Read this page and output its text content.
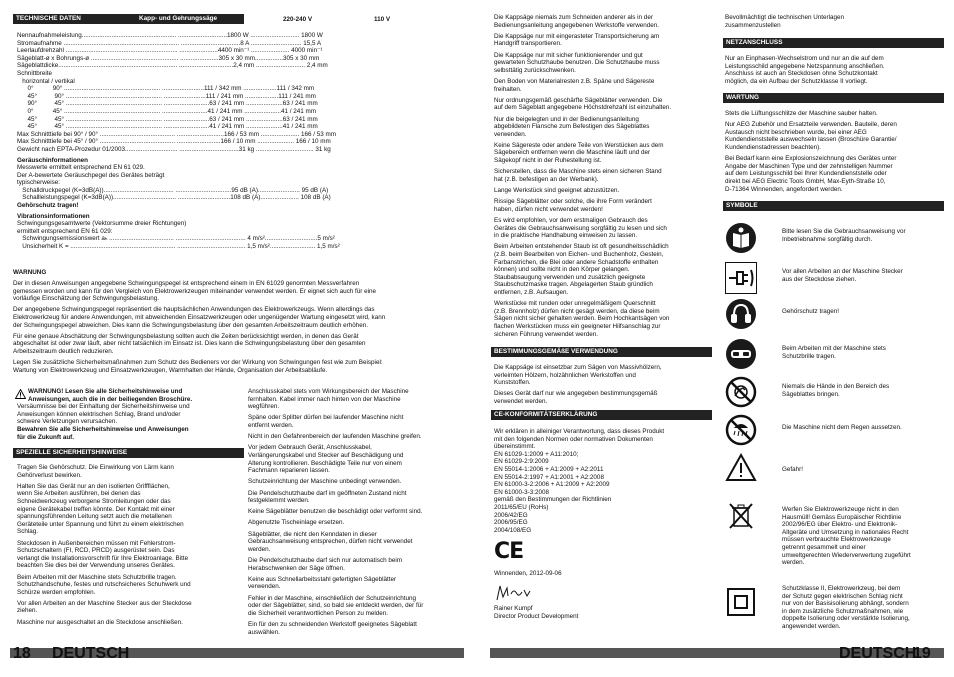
TECHNISCHE DATEN	Kapp- und Gehrungssäge	220-240 V	110 V
Nennaufnahmeleistung...................................................... ............................1800 W ............................ 1800 W
Stromaufnahme .................................................................. ..................................8 A ............................. 15,5 A
Leerlaufdrehzahl ................................................................ ......................4400 min⁻¹ ...................... 4000 min⁻¹
Sägeblatt-ø x Bohrungs-ø .................................................. ......................305 x 30 mm................305 x 30 mm
Sägeblattdicke.................................................................... ...............................2,4 mm ............................ 2,4 mm
Schnittbreite
horizontal / vertikal
0°           90° ....................................................... ........................111 / 342 mm ...................111 / 342 mm
45°          90° ....................................................... ........................111 / 241 mm ...................111 / 241 mm
90°          45° ....................................................... ..........................63 / 241 mm .....................63 / 241 mm
0°           45° ....................................................... ..........................41 / 241 mm .....................41 / 241 mm
45°          45° ....................................................... ..........................63 / 241 mm .....................63 / 241 mm
45°          45° ....................................................... ..........................41 / 241 mm .....................41 / 241 mm
Max Schnitttiefe bei 90° / 90° ........................................... ...........................166 / 53 mm ...................... 166 / 53 mm
Max Schnitttiefe bei 45° / 90° ........................................... .........................166 / 10 mm ..................... 166 / 10 mm
Gewicht nach EPTA-Prozedur 01/2003.............................. ..................................31 kg ................................. 31 kg
Geräuschinformationen
Messwerte ermittelt entsprechend EN 61 029.
Der A-bewertete Geräuschpegel des Gerätes beträgt
typischerweise:
Schalldruckpegel (K=3dB(A))........................................ ................................95 dB (A)........................ 95 dB (A)
Schallleistungspegel (K=3dB(A)).................................... ..............................108 dB (A)...................... 108 dB (A)
Gehörschutz tragen!
Vibrationsinformationen
Schwingungsgesamtwerte (Vektorsumme dreier Richtungen)
ermittelt entsprechend EN 61 029:
Schwingungsemissionswert aₕ ..................................... ........................................ 4 m/s²..............................5 m/s²
Unsicherheit K = ............................................................ ....................................... 1,5 m/s².......................... 1,5 m/s²
WARNUNG
Der in diesen Anweisungen angegebene Schwingungspegel ist entsprechend einem in EN 61029 genormten Messverfahren
gemessen worden und kann für den Vergleich von Elektrowerkzeugen miteinander verwendet werden. Er eignet sich auch für eine
vorläufige Einschätzung der Schwingungsbelastung.
Der angegebene Schwingungspegel repräsentiert die hauptsächlichen Anwendungen des Elektrowerkzeugs. Wenn allerdings das
Elektrowerkzeug für andere Anwendungen, mit abweichenden Einsatzwerkzeugen oder ungenügender Wartung eingesetzt wird, kann
der Schwingungspegel abweichen. Dies kann die Schwingungsbelastung über den gesamten Arbeitszeitraum deutlich erhöhen.
Für eine genaue Abschätzung der Schwingungsbelastung sollten auch die Zeiten berücksichtigt werden, in denen das Gerät
abgeschaltet ist oder zwar läuft, aber nicht tatsächlich im Einsatz ist. Dies kann die Schwingungsbelastung über den gesamten
Arbeitszeitraum deutlich reduzieren.
Legen Sie zusätzliche Sicherheitsmaßnahmen zum Schutz des Bedieners vor der Wirkung von Schwingungen fest wie zum Beispiel:
Wartung von Elektrowerkzeug und Einsatzwerkzeugen, Warmhalten der Hände, Organisation der Arbeitsabläufe.
WARNUNG! Lesen Sie alle Sicherheitshinweise und
Anweisungen, auch die in der beiliegenden Broschüre.
Versäumnisse bei der Einhaltung der Sicherheitshinweise und
Anweisungen können elektrischen Schlag, Brand und/oder
schwere Verletzungen verursachen.
Bewahren Sie alle Sicherheitshinweise und Anweisungen
für die Zukunft auf.
SPEZIELLE SICHERHEITSHINWEISE
Tragen Sie Gehörschutz. Die Einwirkung von Lärm kann
Gehörverlust bewirken.
Halten Sie das Gerät nur an den isolierten Griffflächen,
wenn Sie Arbeiten ausführen, bei denen das
Schneidwerkzeug verborgene Stromleitungen oder das
eigene Gerätekabel treffen könnte. Der Kontakt mit einer
spannungsführenden Leitung setzt auch die metallenen
Geräteteile unter Spannung und führt zu einem elektrischen
Schlag.
Steckdosen in Außenbereichen müssen mit Fehlerstrom-
Schutzschaltern (FI, RCD, PRCD) ausgerüstet sein. Das
verlangt die Installationsvorschrift für Ihre Elektroanlage. Bitte
beachten Sie dies bei der Verwendung unseres Gerätes.
Beim Arbeiten mit der Maschine stets Schutzbrille tragen.
Schutzhandschuhe, festes und rutschsicheres Schuhwerk und
Schürze werden empfohlen.
Vor allen Arbeiten an der Maschine Stecker aus der Steckdose
ziehen.
Maschine nur ausgeschaltet an die Steckdose anschließen.
Anschlusskabel stets vom Wirkungsbereich der Maschine
fernhalten. Kabel immer nach hinten von der Maschine
wegführen.
Späne oder Splitter dürfen bei laufender Maschine nicht
entfernt werden.
Nicht in den Gefahrenbereich der laufenden Maschine greifen.
Vor jedem Gebrauch Gerät, Anschlusskabel,
Verlängerungskabel und Stecker auf Beschädigung und
Alterung kontrollieren. Beschädigte Teile nur von einem
Fachmann reparieren lassen.
Schutzeinrichtung der Maschine unbedingt verwenden.
Die Pendelschutzhaube darf im geöffneten Zustand nicht
festgeklemmt werden.
Keine Sägeblätter benutzen die beschädigt oder verformt sind.
Abgenutzte Tischeinlage ersetzen.
Sägeblätter, die nicht den Kenndaten in dieser
Gebrauchsanweisung entsprechen, dürfen nicht verwendet
werden.
Die Pendelschutzhaube darf sich nur automatisch beim
Herabschwenken der Säge öffnen.
Keine aus Schnellarbeitsstahl gefertigten Sägeblätter
verwenden.
Fehler in der Maschine, einschließlich der Schutzeinrichtung
oder der Sägeblätter, sind, so bald sie entdeckt werden, der für
die Sicherheit verantwortlichen Person zu melden.
Ein für den zu schneidenden Werkstoff geeignetes Sägeblatt
auswählen.
18 DEUTSCH
Die Kappsäge niemals zum Schneiden anderer als in der
Bedienungsanleitung angegebenen Werkstoffe verwenden.
Die Kappsäge nur mit eingerasteter Transportsicherung am
Handgriff transportieren.
Die Kappsäge nur mit sicher funktionierender und gut
gewarteten Schutzhaube benutzen. Die Schutzhaube muss
selbsttätig zurückschwenken.
Den Boden von Materialresten z.B. Späne und Sägereste
freihalten.
Nur ordnungsgemäß geschärfte Sägeblätter verwenden. Die
auf dem Sägeblatt angegebene Höchstdrehzahl ist einzuhalten.
Nur die beigelegten und in der Bedienungsanleitung
abgebildeten Flansche zum Befestigen des Sägeblattes
verwenden.
Keine Sägereste oder andere Teile von Werstücken aus dem
Sägebereich entfernen wenn die Maschine läuft und der
Sägekopf nicht in der Ruhestellung ist.
Sicherstellen, dass die Maschine stets einen sicheren Stand
hat (z.B. befestigen an der Werbank).
Lange Werkstück sind geeignet abzustützen.
Rissige Sägeblätter oder solche, die ihre Form verändert
haben, dürfen nicht verwendet werden!
Es wird empfohlen, vor dem erstmaligen Gebrauch des
Gerätes die Gebrauchsanweisung sorgfältig zu lesen und sich
in die praktische Handhabung einweisen zu lassen.
Beim Arbeiten entstehender Staub ist oft gesundheitsschädlich
(z.B. beim Bearbeiten von Eichen- und Buchenholz, Gestein,
Farbanstrichen, die Blei oder andere Schadstoffe enthalten
können) und sollte nicht in den Körper gelangen.
Staubabsaugung verwenden und zusätzlich geeignete
Staubschutzmaske tragen. Abgelagerten Staub gründlich
entfernen, z.B. Aufsaugen.
Werkstücke mit runden oder unregelmäßigem Querschnitt
(z.B. Brennholz) dürfen nicht gesägt werden, da diese beim
Sägen nicht sicher gehalten werden. Beim Hochkantsägen von
flachen Werkstücken muss ein geeigneter Hilfsanschlag zur
sicheren Führung verwendet werden.
BESTIMMUNGSGEMÄßE VERWENDUNG
Die Kappsäge ist einsetzbar zum Sägen von Massivhölzern,
verleimten Hölzern, holzähnlichen Werkstoffen und
Kunststoffen.
Dieses Gerät darf nur wie angegeben bestimmungsgemäß
verwendet werden.
CE-KONFORMITÄTSERKLÄRUNG
Wir erklären in alleiniger Verantwortung, dass dieses Produkt
mit den folgenden Normen oder normativen Dokumenten
übereinstimmt.
EN 61029-1:2009 + A11:2010;
EN 61029-2:9:2009
EN 55014-1:2006 + A1:2009 + A2:2011
EN 55014-2:1997 + A1:2001 + A2:2008
EN 61000-3-2:2006 + A1:2009 + A2:2009
EN 61000-3-3:2008
gemäß den Bestimmungen der Richtlinien
2011/65/EU (RoHs)
2006/42/EG
2006/95/EG
2004/108/EG
CE
Winnenden, 2012-09-06
Rainer Kumpf
Director Product Development
Bevollmächtigt die technischen Unterlagen
zusammenzustellen
NETZANSCHLUSS
Nur an Einphasen-Wechselstrom und nur an die auf dem
Leistungsschild angegebene Netzspannung anschließen.
Anschluss ist auch an Steckdosen ohne Schutzkontakt
möglich, da ein Aufbau der Schutzklasse II vorliegt.
WARTUNG
Stets die Lüftungsschlitze der Maschine sauber halten.
Nur AEG Zubehör und Ersatzteile verwenden. Bauteile, deren
Austausch nicht beschrieben wurde, bei einer AEG
Kundendienststelle auswechseln lassen (Broschüre Garantie/
Kundendienstadressen beachten).
Bei Bedarf kann eine Explosionszeichnung des Gerätes unter
Angabe der Maschinen Type und der zehnstelligen Nummer
auf dem Leistungsschild bei Ihrer Kundendienststelle oder
direkt bei AEG Electric Tools GmbH, Max-Eyth-Straße 10,
D-71364 Winnenden, angefordert werden.
SYMBOLE
Bitte lesen Sie die Gebrauchsanweisung vor
Inbetriebnahme sorgfältig durch.
Vor allen Arbeiten an der Maschine Stecker
aus der Steckdose ziehen.
Gehörschutz tragen!
Beim Arbeiten mit der Maschine stets
Schutzbrille tragen.
Niemals die Hände in den Bereich des
Sägeblattes bringen.
Die Maschine nicht dem Regen aussetzen.
Gefahr!
Werfen Sie Elektrowerkzeuge nicht in den
Hausmüll! Gemäss Europäischer Richtlinie
2002/96/EG über Elektro- und Elektronik-
Altgeräte und Umsetzung in nationales Recht
müssen verbrauchte Elektrowerkzeuge
getrennt gesammelt und einer
umweltgerechten Wiederverwertung zugeführt
werden.
Schutzklasse II, Elektrowerkzeug, bei dem
der Schutz gegen elektrischen Schlag nicht
nur von der Basisisolierung abhängt, sondern
in dem zusätzliche Schutzmaßnahmen, wie
doppelte Isolierung oder verstärkte Isolierung,
angewendet werden.
DEUTSCH
19
